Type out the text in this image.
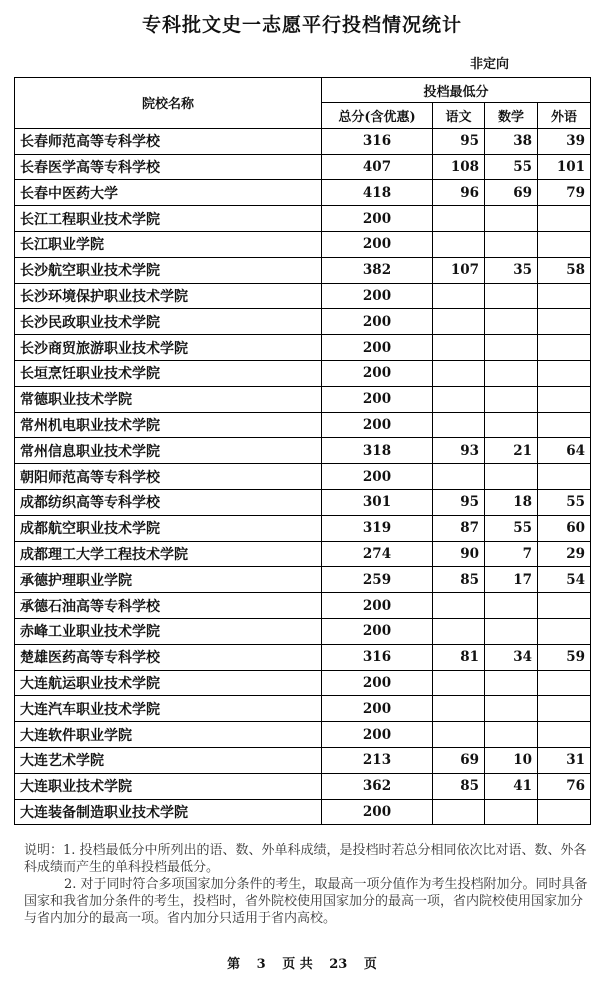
专科批文史一志愿平行投档情况统计
非定向
院校名称	投档最低分			
	总分(含优惠)	语文	数学	外语
长春师范高等专科学校	316	95	38	39
长春医学高等专科学校	407	108	55	101
长春中医药大学	418	96	69	79
长江工程职业技术学院	200			
长江职业学院	200			
长沙航空职业技术学院	382	107	35	58
长沙环境保护职业技术学院	200			
长沙民政职业技术学院	200			
长沙商贸旅游职业技术学院	200			
长垣烹饪职业技术学院	200			
常德职业技术学院	200			
常州机电职业技术学院	200			
常州信息职业技术学院	318	93	21	64
朝阳师范高等专科学校	200			
成都纺织高等专科学校	301	95	18	55
成都航空职业技术学院	319	87	55	60
成都理工大学工程技术学院	274	90	7	29
承德护理职业学院	259	85	17	54
承德石油高等专科学校	200			
赤峰工业职业技术学院	200			
楚雄医药高等专科学校	316	81	34	59
大连航运职业技术学院	200			
大连汽车职业技术学院	200			
大连软件职业学院	200			
大连艺术学院	213	69	10	31
大连职业技术学院	362	85	41	76
大连装备制造职业技术学院	200			

说明：1. 投档最低分中所列出的语、数、外单科成绩，是投档时若总分相同依次比对语、数、外各科成绩而产生的单科投档最低分。

2. 对于同时符合多项国家加分条件的考生，取最高一项分值作为考生投档附加分。同时具备国家和我省加分条件的考生，投档时，省外院校使用国家加分的最高一项，省内院校使用国家加分与省内加分的最高一项。省内加分只适用于省内高校。

第 3 页 共 23 页
